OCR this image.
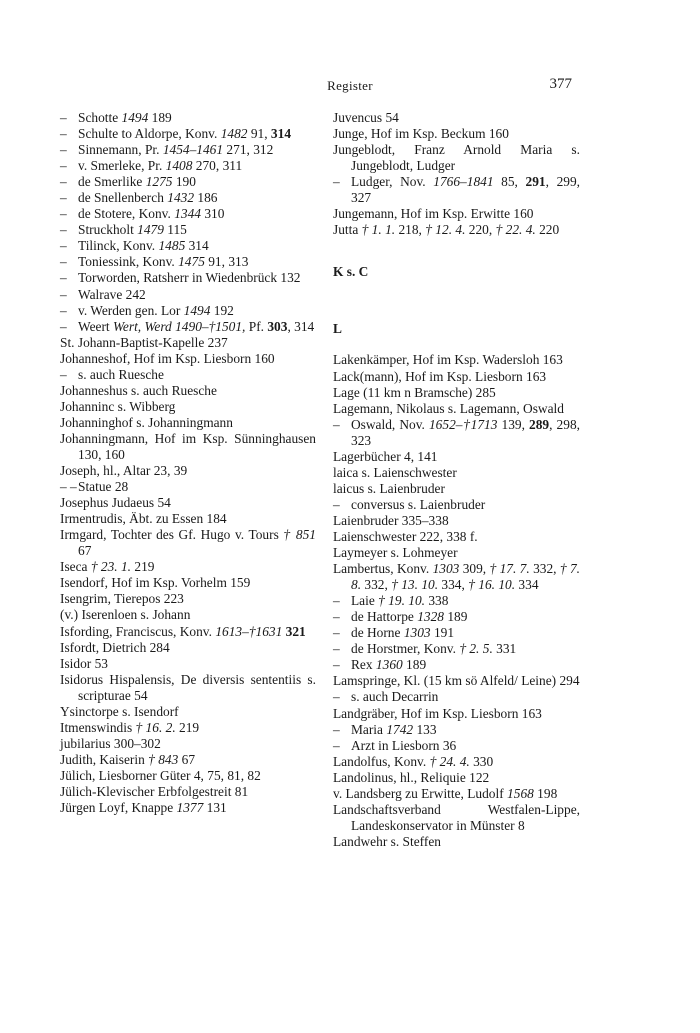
Register	377
– Schotte 1494 189
– Schulte to Aldorpe, Konv. 1482 91, 314
– Sinnemann, Pr. 1454–1461 271, 312
– v. Smerleke, Pr. 1408 270, 311
– de Smerlike 1275 190
– de Snellenberch 1432 186
– de Stotere, Konv. 1344 310
– Struckholt 1479 115
– Tilinck, Konv. 1485 314
– Toniessink, Konv. 1475 91, 313
– Torworden, Ratsherr in Wiedenbrück 132
– Walrave 242
– v. Werden gen. Lor 1494 192
– Weert Wert, Werd 1490–†1501, Pf. 303, 314
St. Johann-Baptist-Kapelle 237
Johanneshof, Hof im Ksp. Liesborn 160
– s. auch Ruesche
Johanneshus s. auch Ruesche
Johanninc s. Wibberg
Johanninghof s. Johanningmann
Johanningmann, Hof im Ksp. Sünninghausen 130, 160
Joseph, hl., Altar 23, 39
– – Statue 28
Josephus Judaeus 54
Irmentrudis, Äbt. zu Essen 184
Irmgard, Tochter des Gf. Hugo v. Tours † 851 67
Iseca † 23. 1. 219
Isendorf, Hof im Ksp. Vorhelm 159
Isengrim, Tierepos 223
(v.) Iserenloen s. Johann
Isfording, Franciscus, Konv. 1613–†1631 321
Isfordt, Dietrich 284
Isidor 53
Isidorus Hispalensis, De diversis sententiis s. scripturae 54
Ysinctorpe s. Isendorf
Itmenswindis † 16. 2. 219
jubilarius 300–302
Judith, Kaiserin † 843 67
Jülich, Liesborner Güter 4, 75, 81, 82
Jülich-Klevischer Erbfolgestreit 81
Jürgen Loyf, Knappe 1377 131
Juvencus 54
Junge, Hof im Ksp. Beckum 160
Jungeblodt, Franz Arnold Maria s. Jungeblodt, Ludger
– Ludger, Nov. 1766–1841 85, 291, 299, 327
Jungemann, Hof im Ksp. Erwitte 160
Jutta † 1. 1. 218, † 12. 4. 220, † 22. 4. 220
K s. C
L
Lakenkämper, Hof im Ksp. Wadersloh 163
Lack(mann), Hof im Ksp. Liesborn 163
Lage (11 km n Bramsche) 285
Lagemann, Nikolaus s. Lagemann, Oswald
– Oswald, Nov. 1652–†1713 139, 289, 298, 323
Lagerbücher 4, 141
laica s. Laienschwester
laicus s. Laienbruder
– conversus s. Laienbruder
Laienbruder 335–338
Laienschwester 222, 338 f.
Laymeyer s. Lohmeyer
Lambertus, Konv. 1303 309, † 17. 7. 332, † 7. 8. 332, † 13. 10. 334, † 16. 10. 334
– Laie † 19. 10. 338
– de Hattorpe 1328 189
– de Horne 1303 191
– de Horstmer, Konv. † 2. 5. 331
– Rex 1360 189
Lamspringe, Kl. (15 km sö Alfeld/ Leine) 294
– s. auch Decarrin
Landgräber, Hof im Ksp. Liesborn 163
– Maria 1742 133
– Arzt in Liesborn 36
Landolfus, Konv. † 24. 4. 330
Landolinus, hl., Reliquie 122
v. Landsberg zu Erwitte, Ludolf 1568 198
Landschaftsverband Westfalen-Lippe, Landeskonservator in Münster 8
Landwehr s. Steffen
